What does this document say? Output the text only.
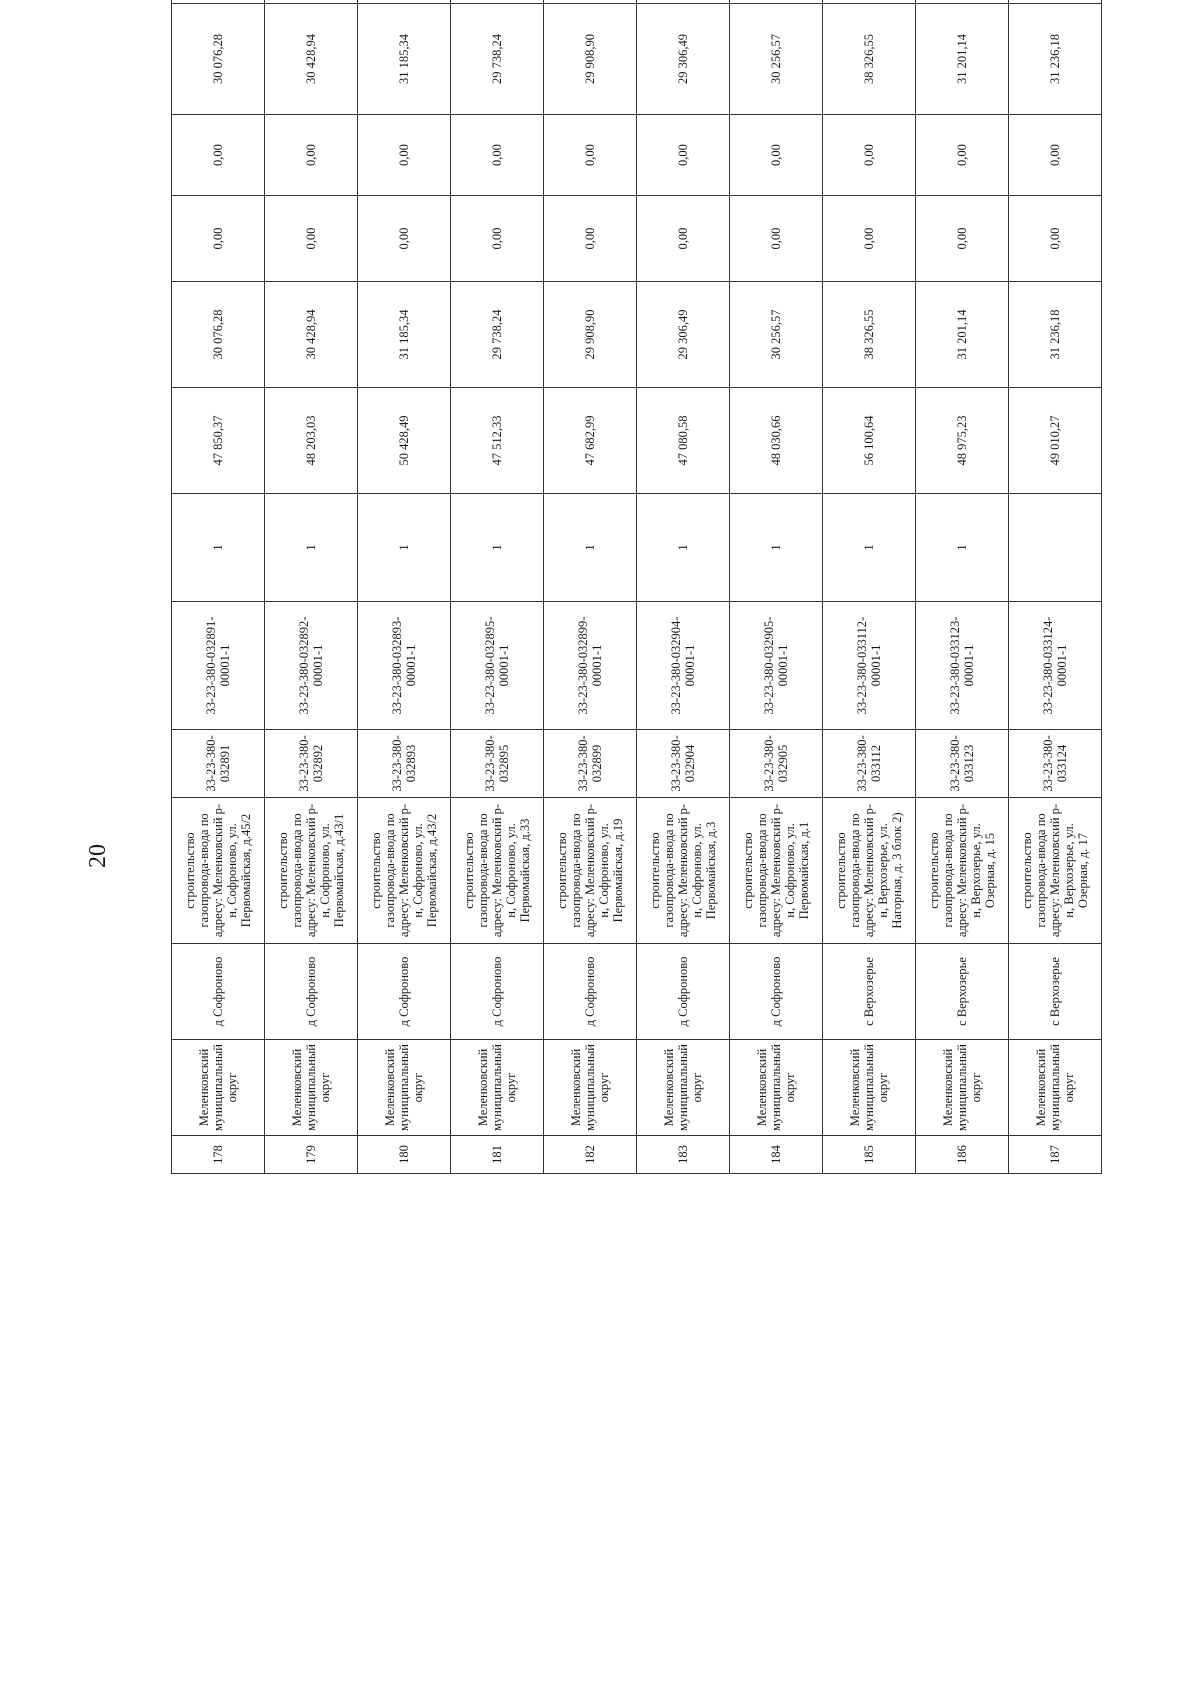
20
178	Меленковский муниципальный округ	д Софроново	строительство газопровода-ввода по адресу: Меленковский р-н, Софроново, ул. Первомайская, д.45/2	33-23-380-032891	33-23-380-032891-00001-1	1	47 850,37	30 076,28	0,00	0,00	30 076,28	
179	Меленковский муниципальный округ	д Софроново	строительство газопровода-ввода по адресу: Меленковский р-н, Софроново, ул. Первомайская, д.43/1	33-23-380-032892	33-23-380-032892-00001-1	1	48 203,03	30 428,94	0,00	0,00	30 428,94	
180	Меленковский муниципальный округ	д Софроново	строительство газопровода-ввода по адресу: Меленковский р-н, Софроново, ул. Первомайская, д.43/2	33-23-380-032893	33-23-380-032893-00001-1	1	50 428,49	31 185,34	0,00	0,00	31 185,34	
181	Меленковский муниципальный округ	д Софроново	строительство газопровода-ввода по адресу: Меленковский р-н, Софроново, ул. Первомайская, д.33	33-23-380-032895	33-23-380-032895-00001-1	1	47 512,33	29 738,24	0,00	0,00	29 738,24	
182	Меленковский муниципальный округ	д Софроново	строительство газопровода-ввода по адресу: Меленковский р-н, Софроново, ул. Первомайская, д.19	33-23-380-032899	33-23-380-032899-00001-1	1	47 682,99	29 908,90	0,00	0,00	29 908,90	
183	Меленковский муниципальный округ	д Софроново	строительство газопровода-ввода по адресу: Меленковский р-н, Софроново, ул. Первомайская, д.3	33-23-380-032904	33-23-380-032904-00001-1	1	47 080,58	29 306,49	0,00	0,00	29 306,49	
184	Меленковский муниципальный округ	д Софроново	строительство газопровода-ввода по адресу: Меленковский р-н, Софроново, ул. Первомайская, д.1	33-23-380-032905	33-23-380-032905-00001-1	1	48 030,66	30 256,57	0,00	0,00	30 256,57	
185	Меленковский муниципальный округ	с Верхозерье	строительство газопровода-ввода по адресу: Меленковский р-н, Верхозерье, ул. Нагорная, д. 3 блок 2)	33-23-380-033112	33-23-380-033112-00001-1	1	56 100,64	38 326,55	0,00	0,00	38 326,55	
186	Меленковский муниципальный округ	с Верхозерье	строительство газопровода-ввода по адресу: Меленковский р-н, Верхозерье, ул. Озерная, д. 15	33-23-380-033123	33-23-380-033123-00001-1	1	48 975,23	31 201,14	0,00	0,00	31 201,14	
187	Меленковский муниципальный округ	с Верхозерье	строительство газопровода-ввода по адресу: Меленковский р-н, Верхозерье, ул. Озерная, д. 17	33-23-380-033124	33-23-380-033124-00001-1		49 010,27	31 236,18	0,00	0,00	31 236,18	
